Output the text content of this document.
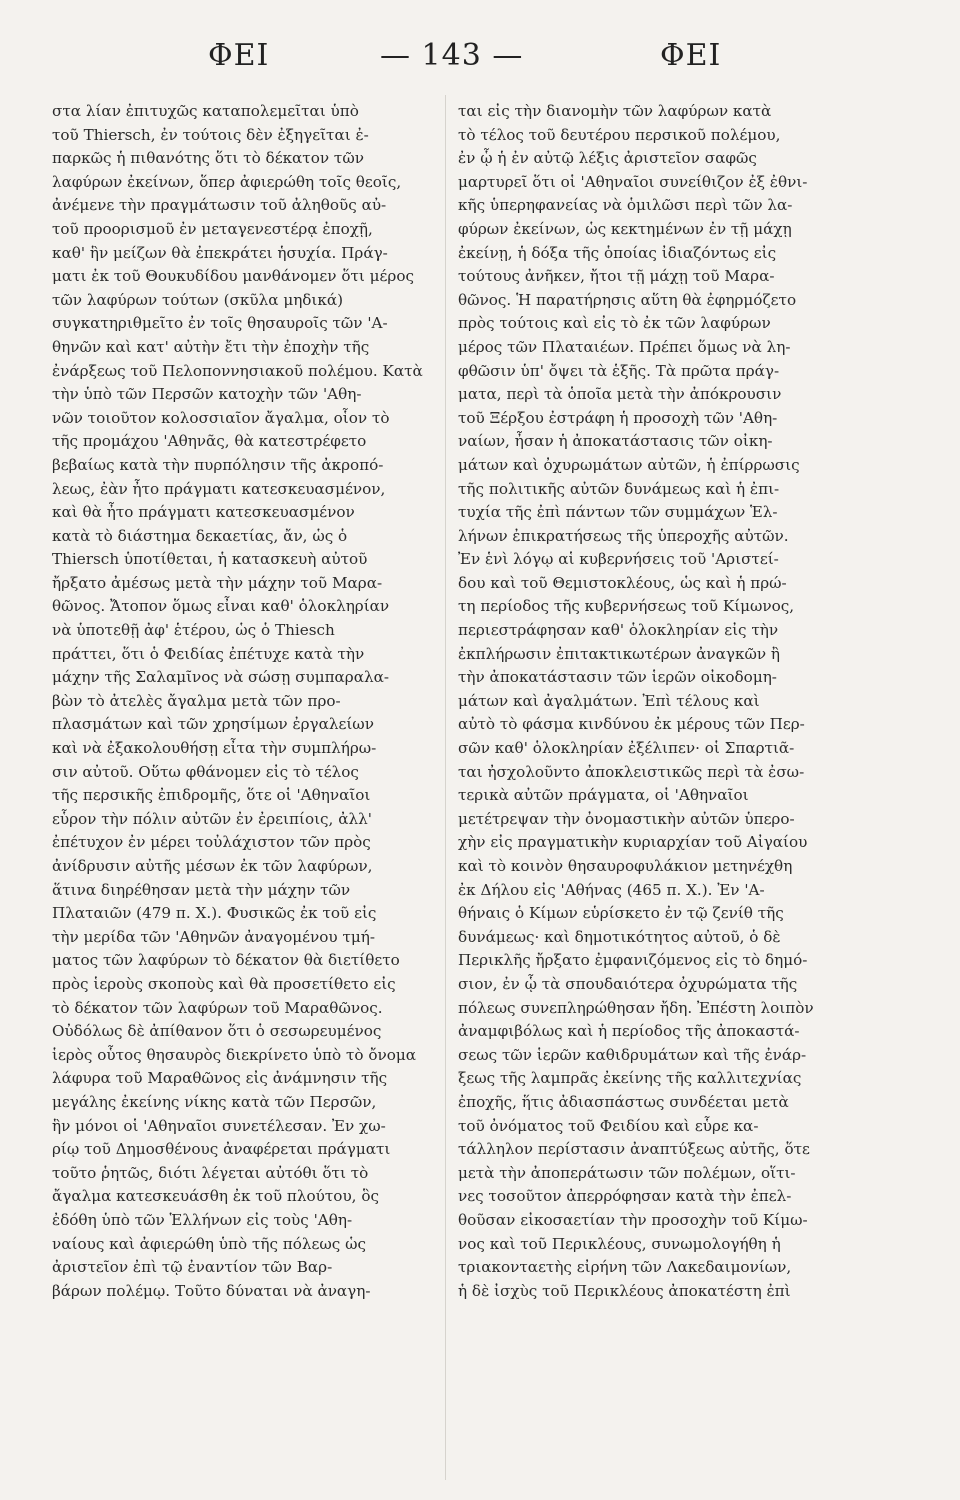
ΦΕΙ	— 143 —	ΦΕΙ
στα λίαν ἐπιτυχῶς καταπολεμεῖται ὑπὸ
τοῦ Thiersch, ἐν τούτοις δὲν ἐξηγεῖται ἐ-
παρκῶς ἡ πιθανότης ὅτι τὸ δέκατον τῶν
λαφύρων ἐκείνων, ὅπερ ἀφιερώθη τοῖς θεοῖς,
ἀνέμενε τὴν πραγμάτωσιν τοῦ ἀληθοῦς αὐ-
τοῦ προορισμοῦ ἐν μεταγενεστέρᾳ ἐποχῇ,
καθ' ἣν μείζων θὰ ἐπεκράτει ἡσυχία. Πράγ-
ματι ἐκ τοῦ Θουκυδίδου μανθάνομεν ὅτι μέρος
τῶν λαφύρων τούτων (σκῦλα μηδικά)
συγκατηριθμεῖτο ἐν τοῖς θησαυροῖς τῶν 'Α-
θηνῶν καὶ κατ' αὐτὴν ἔτι τὴν ἐποχὴν τῆς
ἐνάρξεως τοῦ Πελοποννησιακοῦ πολέμου. Κατὰ
τὴν ὑπὸ τῶν Περσῶν κατοχὴν τῶν 'Αθη-
νῶν τοιοῦτον κολοσσιαῖον ἄγαλμα, οἷον τὸ
τῆς προμάχου 'Αθηνᾶς, θὰ κατεστρέφετο
βεβαίως κατὰ τὴν πυρπόλησιν τῆς ἀκροπό-
λεως, ἐὰν ἦτο πράγματι κατεσκευασμένον,
καὶ θὰ ἦτο πράγματι κατεσκευασμένον
κατὰ τὸ διάστημα δεκαετίας, ἄν, ὡς ὁ
Thiersch ὑποτίθεται, ἡ κατασκευὴ αὐτοῦ
ἤρξατο ἀμέσως μετὰ τὴν μάχην τοῦ Μαρα-
θῶνος. Ἄτοπον ὅμως εἶναι καθ' ὁλοκληρίαν
νὰ ὑποτεθῇ ἀφ' ἑτέρου, ὡς ὁ Thiesch
πράττει, ὅτι ὁ Φειδίας ἐπέτυχε κατὰ τὴν
μάχην τῆς Σαλαμῖνος νὰ σώσῃ συμπαραλα-
βὼν τὸ ἀτελὲς ἄγαλμα μετὰ τῶν προ-
πλασμάτων καὶ τῶν χρησίμων ἐργαλείων
καὶ νὰ ἐξακολουθήσῃ εἶτα τὴν συμπλήρω-
σιν αὐτοῦ. Οὕτω φθάνομεν εἰς τὸ τέλος
τῆς περσικῆς ἐπιδρομῆς, ὅτε οἱ 'Αθηναῖοι
εὗρον τὴν πόλιν αὐτῶν ἐν ἐρειπίοις, ἀλλ'
ἐπέτυχον ἐν μέρει τοὐλάχιστον τῶν πρὸς
ἀνίδρυσιν αὐτῆς μέσων ἐκ τῶν λαφύρων,
ἅτινα διηρέθησαν μετὰ τὴν μάχην τῶν
Πλαταιῶν (479 π. Χ.). Φυσικῶς ἐκ τοῦ εἰς
τὴν μερίδα τῶν 'Αθηνῶν ἀναγομένου τμή-
ματος τῶν λαφύρων τὸ δέκατον θὰ διετίθετο
πρὸς ἱεροὺς σκοποὺς καὶ θὰ προσετίθετο εἰς
τὸ δέκατον τῶν λαφύρων τοῦ Μαραθῶνος.
Οὐδόλως δὲ ἀπίθανον ὅτι ὁ σεσωρευμένος
ἱερὸς οὗτος θησαυρὸς διεκρίνετο ὑπὸ τὸ ὄνομα
λάφυρα τοῦ Μαραθῶνος εἰς ἀνάμνησιν τῆς
μεγάλης ἐκείνης νίκης κατὰ τῶν Περσῶν,
ἣν μόνοι οἱ 'Αθηναῖοι συνετέλεσαν. Ἐν χω-
ρίῳ τοῦ Δημοσθένους ἀναφέρεται πράγματι
τοῦτο ῥητῶς, διότι λέγεται αὐτόθι ὅτι τὸ
ἄγαλμα κατεσκευάσθη ἐκ τοῦ πλούτου, ὃς
ἐδόθη ὑπὸ τῶν Ἑλλήνων εἰς τοὺς 'Αθη-
ναίους καὶ ἀφιερώθη ὑπὸ τῆς πόλεως ὡς
ἀριστεῖον ἐπὶ τῷ ἐναντίον τῶν Βαρ-
βάρων πολέμῳ. Τοῦτο δύναται νὰ ἀναγη-
ται εἰς τὴν διανομὴν τῶν λαφύρων κατὰ
τὸ τέλος τοῦ δευτέρου περσικοῦ πολέμου,
ἐν ᾧ ἡ ἐν αὐτῷ λέξις ἀριστεῖον σαφῶς
μαρτυρεῖ ὅτι οἱ 'Αθηναῖοι συνείθιζον ἐξ ἐθνι-
κῆς ὑπερηφανείας νὰ ὁμιλῶσι περὶ τῶν λα-
φύρων ἐκείνων, ὡς κεκτημένων ἐν τῇ μάχῃ
ἐκείνῃ, ἡ δόξα τῆς ὁποίας ἰδιαζόντως εἰς
τούτους ἀνῆκεν, ἤτοι τῇ μάχῃ τοῦ Μαρα-
θῶνος. Ἡ παρατήρησις αὕτη θὰ ἐφηρμόζετο
πρὸς τούτοις καὶ εἰς τὸ ἐκ τῶν λαφύρων
μέρος τῶν Πλαταιέων. Πρέπει ὅμως νὰ λη-
φθῶσιν ὑπ' ὄψει τὰ ἑξῆς. Τὰ πρῶτα πράγ-
ματα, περὶ τὰ ὁποῖα μετὰ τὴν ἀπόκρουσιν
τοῦ Ξέρξου ἐστράφη ἡ προσοχὴ τῶν 'Αθη-
ναίων, ἦσαν ἡ ἀποκατάστασις τῶν οἰκη-
μάτων καὶ ὀχυρωμάτων αὐτῶν, ἡ ἐπίρρωσις
τῆς πολιτικῆς αὐτῶν δυνάμεως καὶ ἡ ἐπι-
τυχία τῆς ἐπὶ πάντων τῶν συμμάχων Ἑλ-
λήνων ἐπικρατήσεως τῆς ὑπεροχῆς αὐτῶν.
Ἐν ἑνὶ λόγῳ αἱ κυβερνήσεις τοῦ 'Αριστεί-
δου καὶ τοῦ Θεμιστοκλέους, ὡς καὶ ἡ πρώ-
τη περίοδος τῆς κυβερνήσεως τοῦ Κίμωνος,
περιεστράφησαν καθ' ὁλοκληρίαν εἰς τὴν
ἐκπλήρωσιν ἐπιτακτικωτέρων ἀναγκῶν ἢ
τὴν ἀποκατάστασιν τῶν ἱερῶν οἰκοδομη-
μάτων καὶ ἀγαλμάτων. Ἐπὶ τέλους καὶ
αὐτὸ τὸ φάσμα κινδύνου ἐκ μέρους τῶν Περ-
σῶν καθ' ὁλοκληρίαν ἐξέλιπεν· οἱ Σπαρτιᾶ-
ται ἠσχολοῦντο ἀποκλειστικῶς περὶ τὰ ἐσω-
τερικὰ αὐτῶν πράγματα, οἱ 'Αθηναῖοι
μετέτρεψαν τὴν ὀνομαστικὴν αὐτῶν ὑπερο-
χὴν εἰς πραγματικὴν κυριαρχίαν τοῦ Αἰγαίου
καὶ τὸ κοινὸν θησαυροφυλάκιον μετηνέχθη
ἐκ Δήλου εἰς 'Αθήνας (465 π. Χ.). Ἐν 'Α-
θήναις ὁ Κίμων εὑρίσκετο ἐν τῷ ζενίθ τῆς
δυνάμεως· καὶ δημοτικότητος αὐτοῦ, ὁ δὲ
Περικλῆς ἤρξατο ἐμφανιζόμενος εἰς τὸ δημό-
σιον, ἐν ᾧ τὰ σπουδαιότερα ὀχυρώματα τῆς
πόλεως συνεπληρώθησαν ἤδη. Ἐπέστη λοιπὸν
ἀναμφιβόλως καὶ ἡ περίοδος τῆς ἀποκαστά-
σεως τῶν ἱερῶν καθιδρυμάτων καὶ τῆς ἐνάρ-
ξεως τῆς λαμπρᾶς ἐκείνης τῆς καλλιτεχνίας
ἐποχῆς, ἥτις ἀδιασπάστως συνδέεται μετὰ
τοῦ ὀνόματος τοῦ Φειδίου καὶ εὗρε κα-
τάλληλον περίστασιν ἀναπτύξεως αὐτῆς, ὅτε
μετὰ τὴν ἀποπεράτωσιν τῶν πολέμων, οἵτι-
νες τοσοῦτον ἀπερρόφησαν κατὰ τὴν ἐπελ-
θοῦσαν εἰκοσαετίαν τὴν προσοχὴν τοῦ Κίμω-
νος καὶ τοῦ Περικλέους, συνωμολογήθη ἡ
τριακονταετὴς εἰρήνη τῶν Λακεδαιμονίων,
ἡ δὲ ἰσχὺς τοῦ Περικλέους ἀποκατέστη ἐπὶ
